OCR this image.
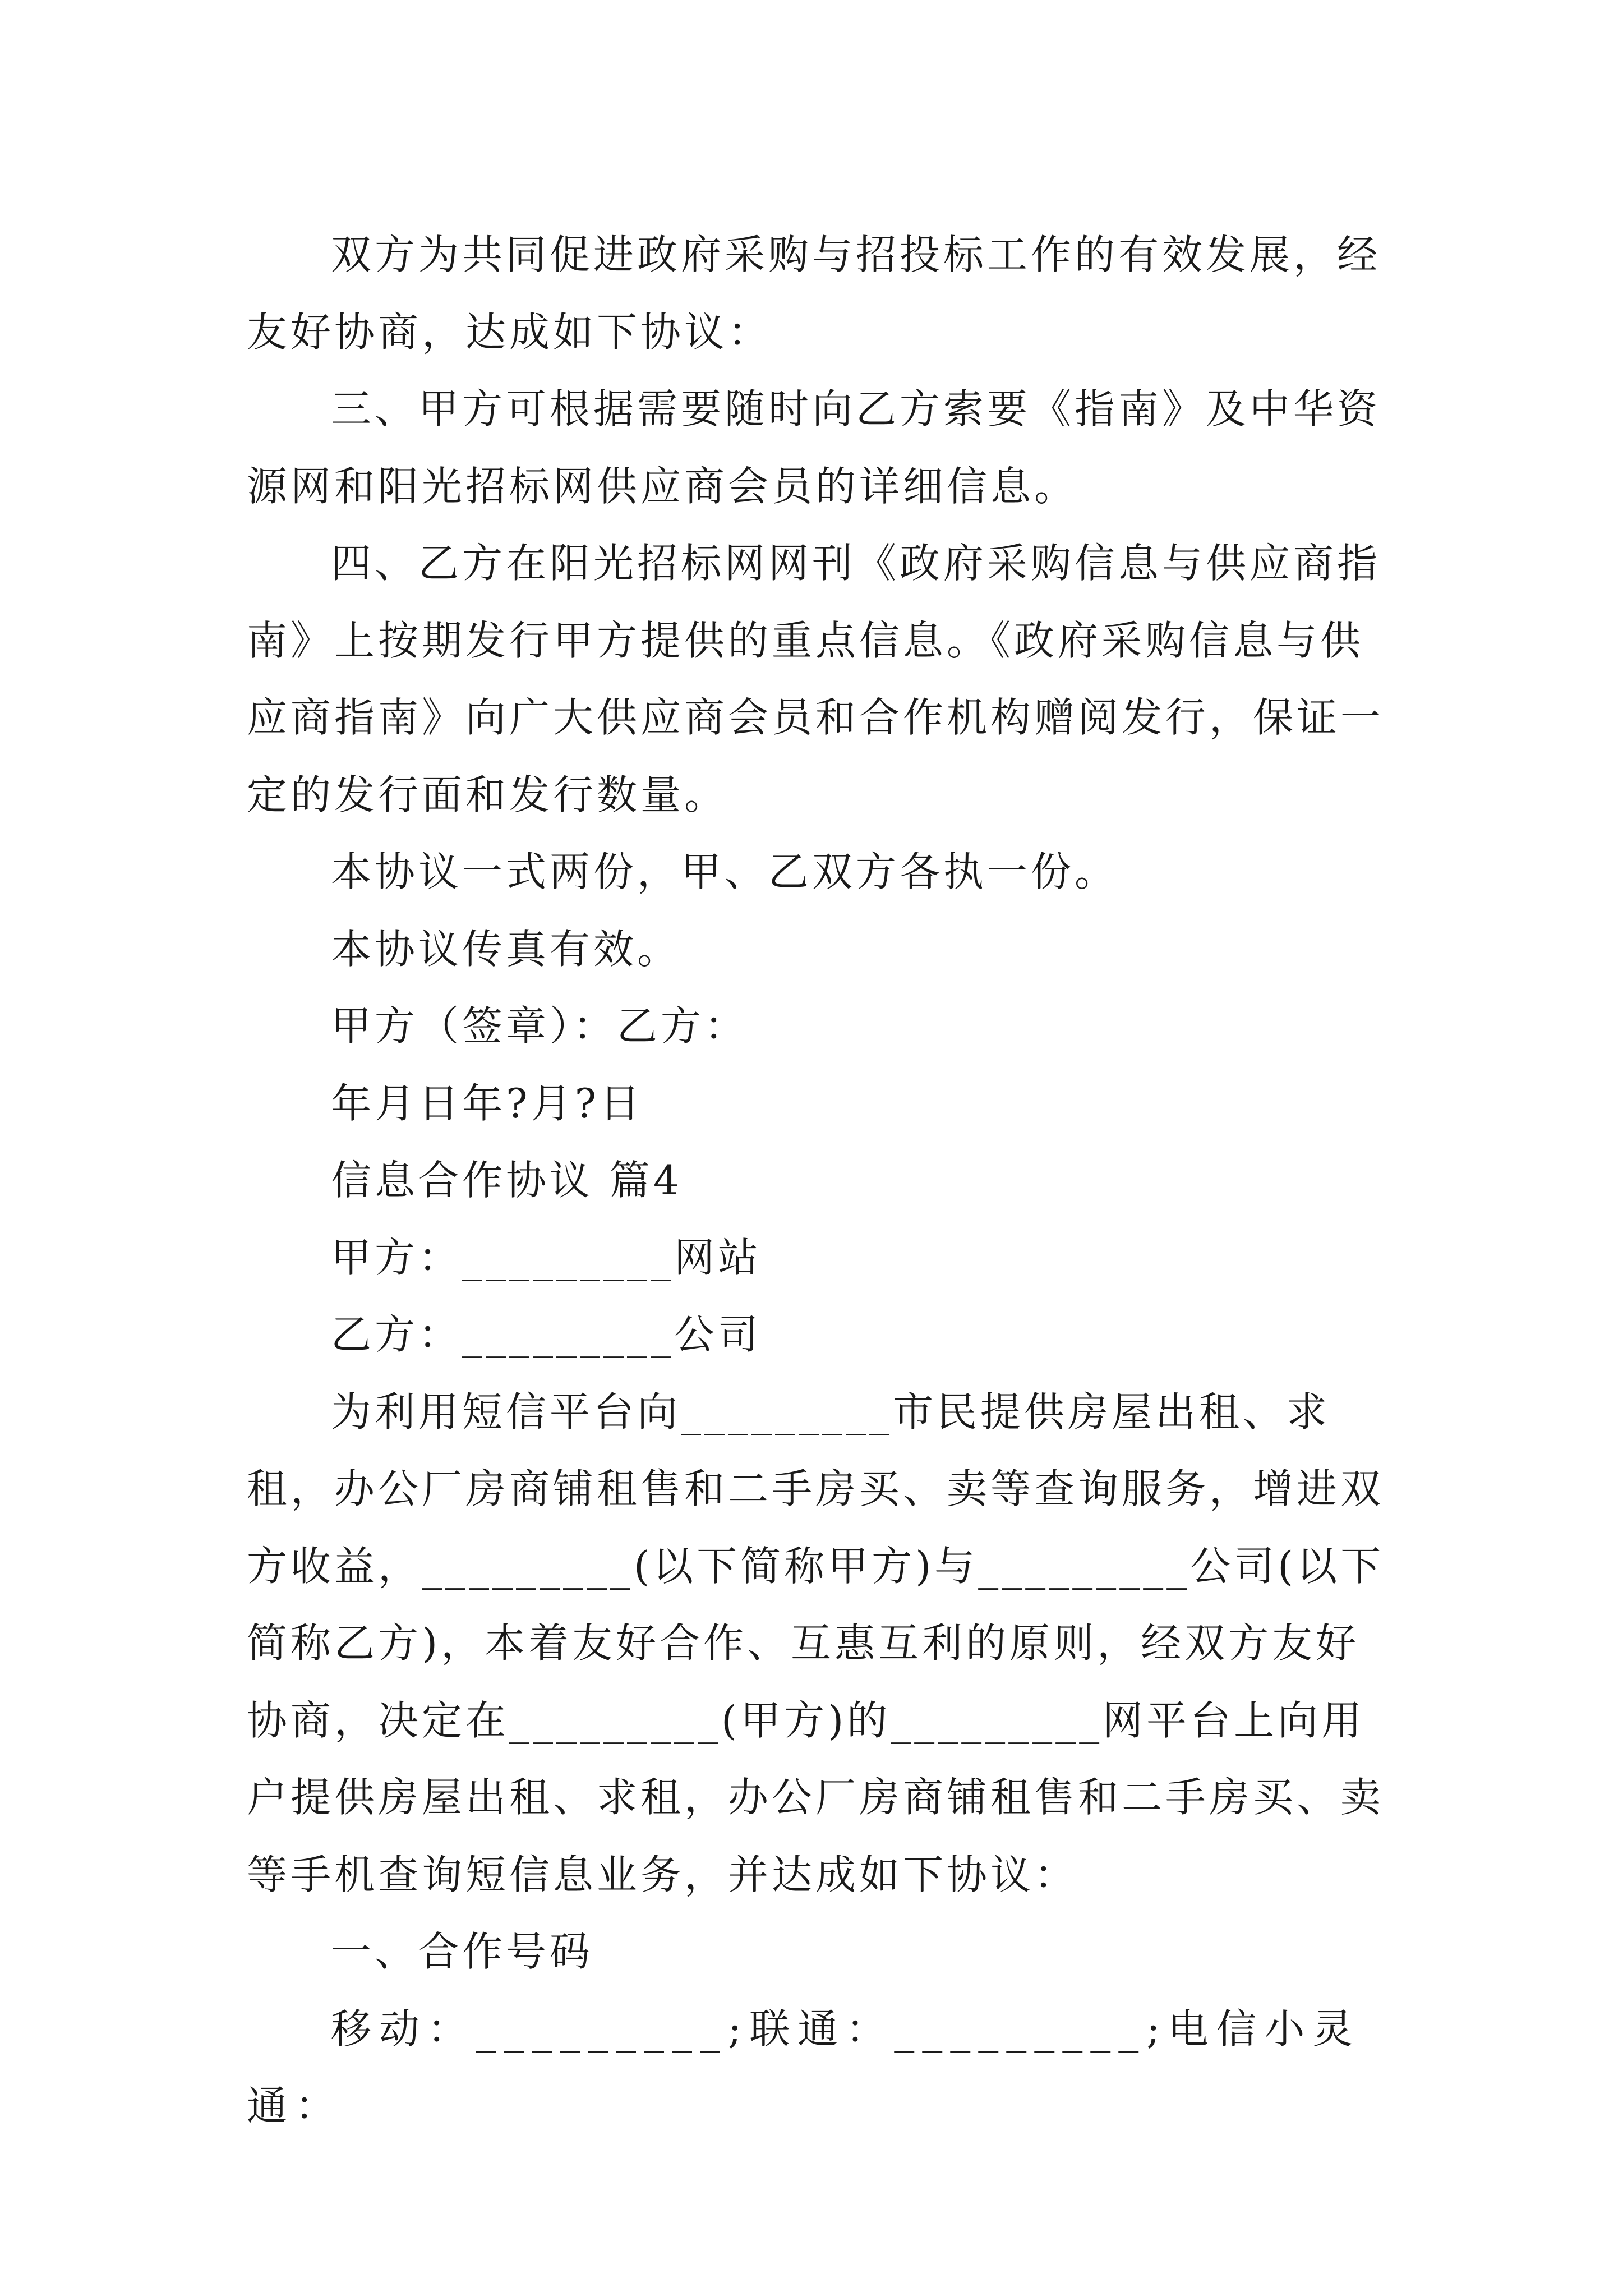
双方为共同促进政府采购与招投标工作的有效发展，经友好协商，达成如下协议：

三、甲方可根据需要随时向乙方索要《指南》及中华资源网和阳光招标网供应商会员的详细信息。

四、乙方在阳光招标网网刊《政府采购信息与供应商指南》上按期发行甲方提供的重点信息。《政府采购信息与供应商指南》向广大供应商会员和合作机构赠阅发行，保证一定的发行面和发行数量。

本协议一式两份，甲、乙双方各执一份。

本协议传真有效。

甲方（签章）：乙方：

年月日年?月?日

信息合作协议 篇4

甲方：_________网站

乙方：_________公司

为利用短信平台向_________市民提供房屋出租、求租，办公厂房商铺租售和二手房买、卖等查询服务，增进双方收益，_________(以下简称甲方)与_________公司(以下简称乙方)，本着友好合作、互惠互利的原则，经双方友好协商，决定在_________(甲方)的_________网平台上向用户提供房屋出租、求租，办公厂房商铺租售和二手房买、卖等手机查询短信息业务，并达成如下协议：

一、合作号码

移动：_________;联通：_________;电信小灵通：
